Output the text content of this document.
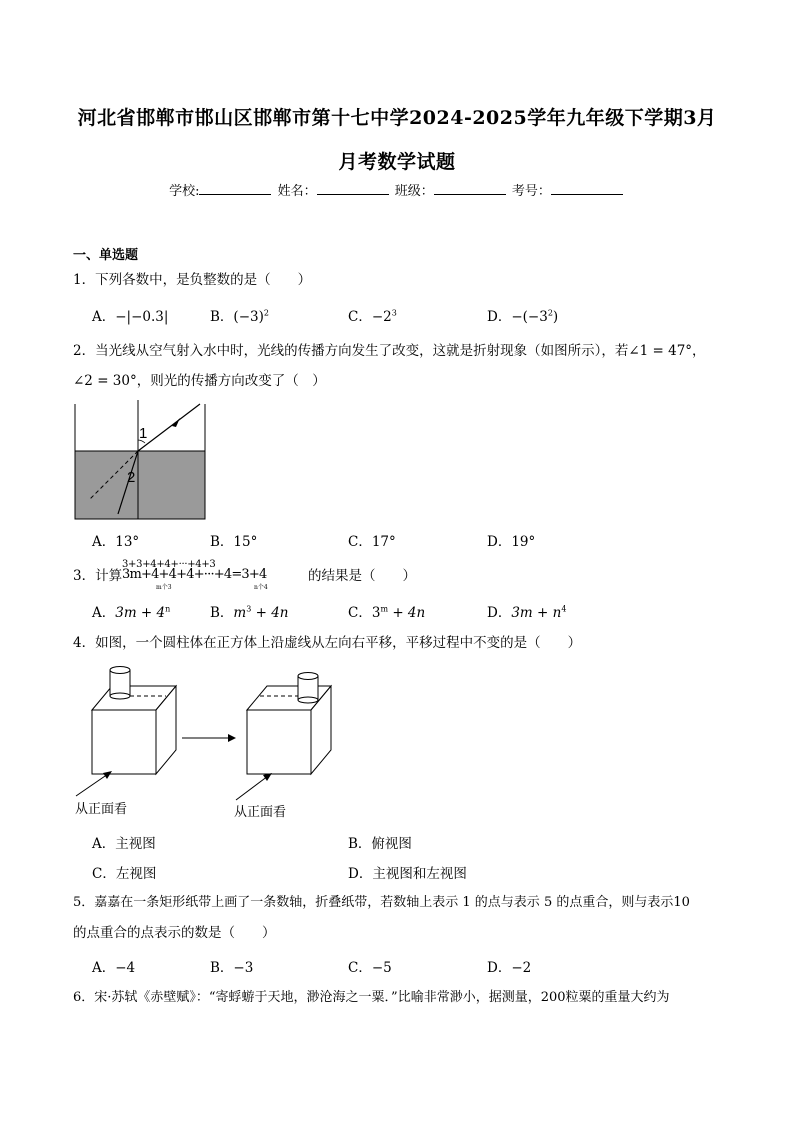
河北省邯郸市邯山区邯郸市第十七中学2024-2025学年九年级下学期3月
月考数学试题
学校:	姓名：	班级：	考号：
一、单选题
1．下列各数中，是负整数的是（　　）
A．−|−0.3|	B．$(-3)^2$	C．$-2^3$	D．$-(-3^2)$
2．当光线从空气射入水中时，光线的传播方向发生了改变，这就是折射现象（如图所示），若∠1 = 47°，
∠2 = 30°，则光的传播方向改变了（　）
1
2
A．13°	B．15°	C．17°	D．19°
3．计算
3+3+4+4+···+4+3
3m+4+4+4+···+4=3+4
m个3	n个4
的结果是（　　）
A．$3m + 4^n$	B．$m^3 + 4n$	C．$3^m + 4n$	D．$3m + n^4$
4．如图，一个圆柱体在正方体上沿虚线从左向右平移，平移过程中不变的是（　　）
从正面看	从正面看
A．主视图	B．俯视图
C．左视图	D．主视图和左视图
5．嘉嘉在一条矩形纸带上画了一条数轴，折叠纸带，若数轴上表示 1 的点与表示 5 的点重合，则与表示10
的点重合的点表示的数是（　　）
A．−4	B．−3	C．−5	D．−2
6．宋·苏轼《赤壁赋》：“寄蜉蝣于天地，渺沧海之一粟．”比喻非常渺小，据测量，200粒粟的重量大约为
